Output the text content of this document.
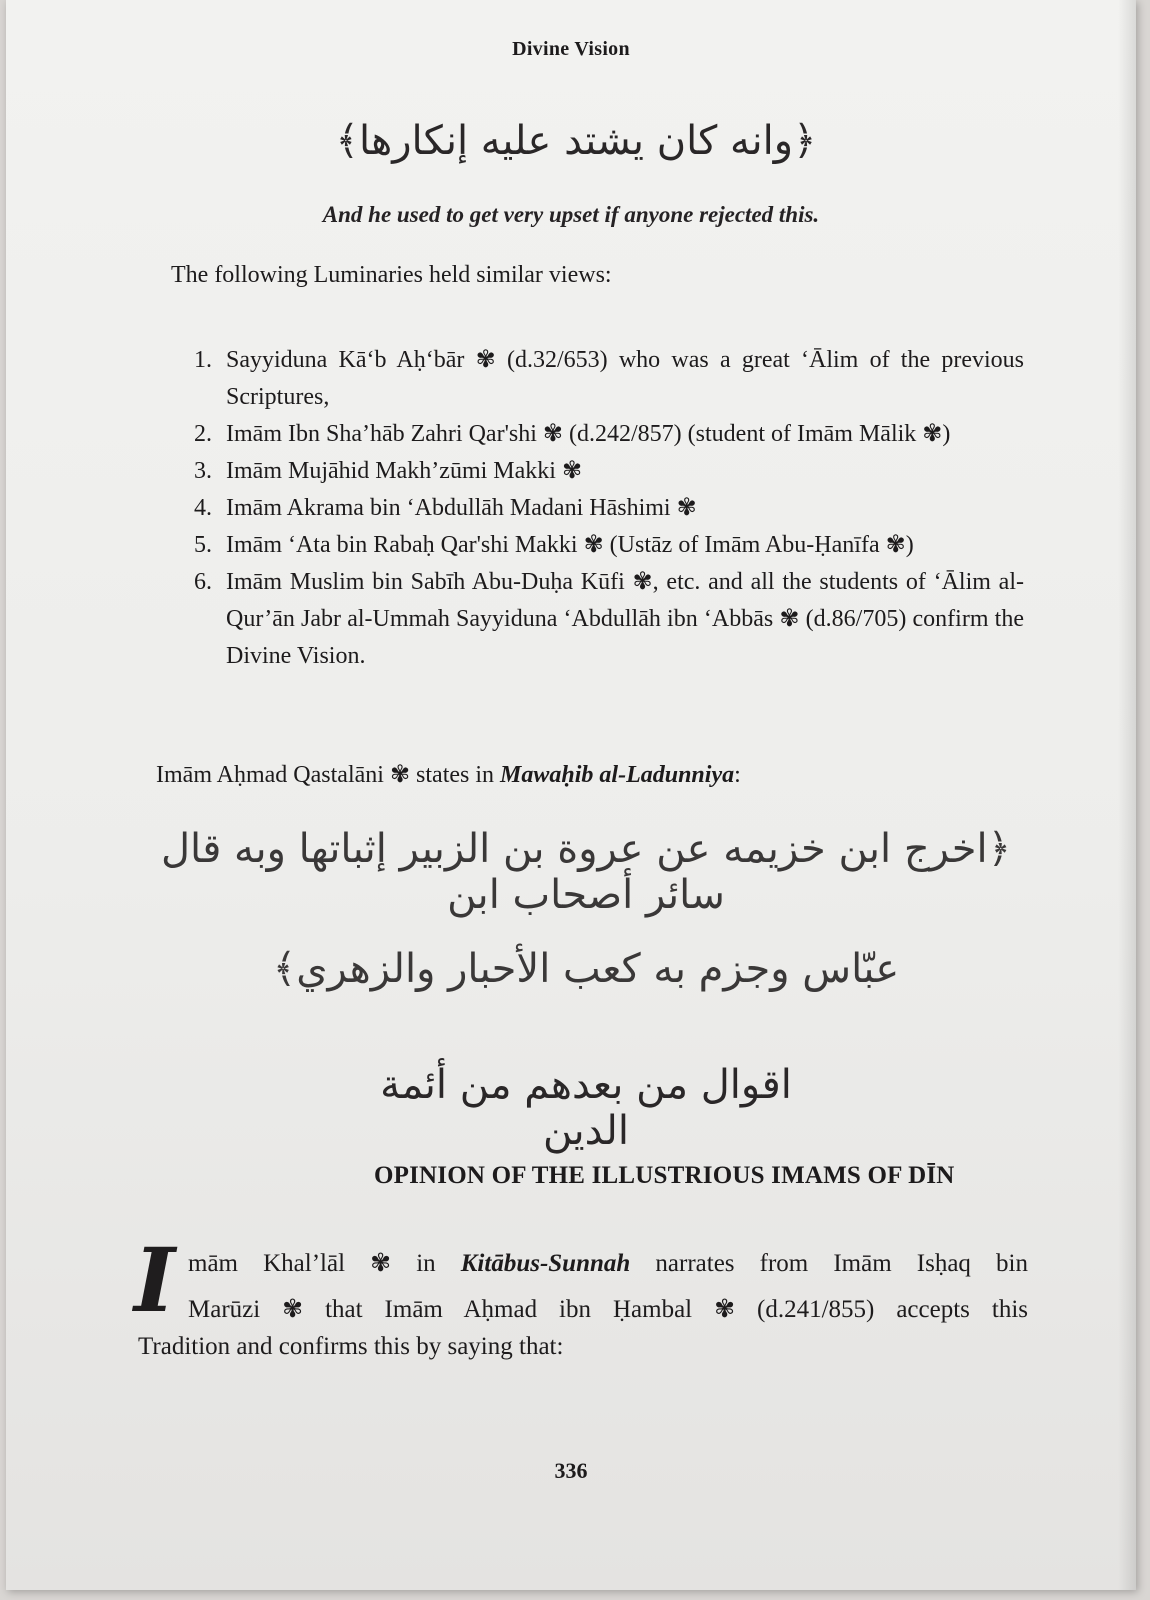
Divine Vision
﴿وانه كان يشتد عليه إنكارها﴾
And he used to get very upset if anyone rejected this.
The following Luminaries held similar views:
1. Sayyiduna Kā‘b Aḥ‘bār ✾ (d.32/653) who was a great ‘Ālim of the previous Scriptures,
2. Imām Ibn Sha’hāb Zahri Qar'shi ✾ (d.242/857) (student of Imām Mālik ✾)
3. Imām Mujāhid Makh’zūmi Makki ✾
4. Imām Akrama bin ‘Abdullāh Madani Hāshimi ✾
5. Imām ‘Ata bin Rabaḥ Qar'shi Makki ✾ (Ustāz of Imām Abu-Ḥanīfa ✾)
6. Imām Muslim bin Sabīh Abu-Duḥa Kūfi ✾, etc. and all the students of ‘Ālim al-Qur’ān Jabr al-Ummah Sayyiduna ‘Abdullāh ibn ‘Abbās ✾ (d.86/705) confirm the Divine Vision.
Imām Aḥmad Qastalāni ✾ states in Mawaḥib al-Ladunniya:
﴿اخرج ابن خزيمه عن عروة بن الزبير إثباتها وبه قال سائر أصحاب ابن
عبّاس وجزم به كعب الأحبار والزهري﴾
اقوال من بعدهم من أئمة الدين
OPINION OF THE ILLUSTRIOUS IMAMS OF DĪN
I mām Khal’lāl ✾ in Kitābus-Sunnah narrates from Imām Isḥaq bin
Marūzi ✾ that Imām Aḥmad ibn Ḥambal ✾ (d.241/855) accepts this
Tradition and confirms this by saying that:
336
